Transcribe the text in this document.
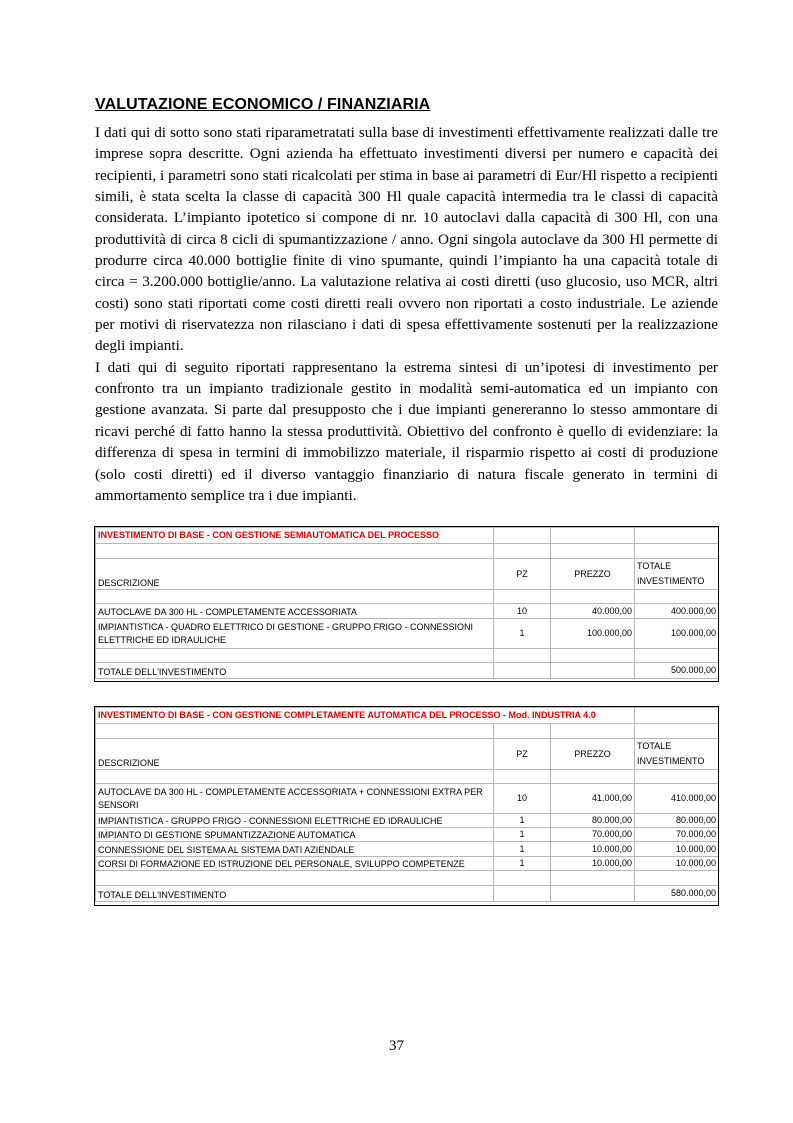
VALUTAZIONE ECONOMICO / FINANZIARIA

I dati qui di sotto sono stati riparametratati sulla base di investimenti effettivamente realizzati dalle tre imprese sopra descritte. Ogni azienda ha effettuato investimenti diversi per numero e capacità dei recipienti, i parametri sono stati ricalcolati per stima in base ai parametri di Eur/Hl rispetto a recipienti simili, è stata scelta la classe di capacità 300 Hl quale capacità intermedia tra le classi di capacità considerata. L’impianto ipotetico si compone di nr. 10 autoclavi dalla capacità di 300 Hl, con una produttività di circa 8 cicli di spumantizzazione / anno. Ogni singola autoclave da 300 Hl permette di produrre circa 40.000 bottiglie finite di vino spumante, quindi l’impianto ha una capacità totale di circa = 3.200.000 bottiglie/anno. La valutazione relativa ai costi diretti (uso glucosio, uso MCR, altri costi) sono stati riportati come costi diretti reali ovvero non riportati a costo industriale. Le aziende per motivi di riservatezza non rilasciano i dati di spesa effettivamente sostenuti per la realizzazione degli impianti.

I dati qui di seguito riportati rappresentano la estrema sintesi di un’ipotesi di investimento per confronto tra un impianto tradizionale gestito in modalità semi-automatica ed un impianto con gestione avanzata. Si parte dal presupposto che i due impianti genereranno lo stesso ammontare di ricavi perché di fatto hanno la stessa produttività. Obiettivo del confronto è quello di evidenziare: la differenza di spesa in termini di immobilizzo materiale, il risparmio rispetto ai costi di produzione (solo costi diretti) ed il diverso vantaggio finanziario di natura fiscale generato in termini di ammortamento semplice tra i due impianti.

INVESTIMENTO DI BASE - CON GESTIONE SEMIAUTOMATICA DEL PROCESSO			

DESCRIZIONE	PZ	PREZZO	TOTALE
INVESTIMENTO

AUTOCLAVE DA 300 HL - COMPLETAMENTE ACCESSORIATA	10	40.000,00	400.000,00
IMPIANTISTICA - QUADRO ELETTRICO DI GESTIONE - GRUPPO FRIGO - CONNESSIONI ELETTRICHE ED IDRAULICHE	1	100.000,00	100.000,00

TOTALE DELL'INVESTIMENTO			500.000,00
INVESTIMENTO DI BASE - CON GESTIONE COMPLETAMENTE AUTOMATICA DEL PROCESSO - Mod. INDUSTRIA 4.0			

DESCRIZIONE	PZ	PREZZO	TOTALE
INVESTIMENTO

AUTOCLAVE DA 300 HL - COMPLETAMENTE ACCESSORIATA + CONNESSIONI EXTRA PER SENSORI	10	41.000,00	410.000,00
IMPIANTISTICA - GRUPPO FRIGO - CONNESSIONI ELETTRICHE ED IDRAULICHE	1	80.000,00	80.000,00
IMPIANTO DI GESTIONE SPUMANTIZZAZIONE AUTOMATICA	1	70.000,00	70.000,00
CONNESSIONE DEL SISTEMA AL SISTEMA DATI AZIENDALE	1	10.000,00	10.000,00
CORSI DI FORMAZIONE ED ISTRUZIONE DEL PERSONALE, SVILUPPO COMPETENZE	1	10.000,00	10.000,00

TOTALE DELL'INVESTIMENTO			580.000,00
37
